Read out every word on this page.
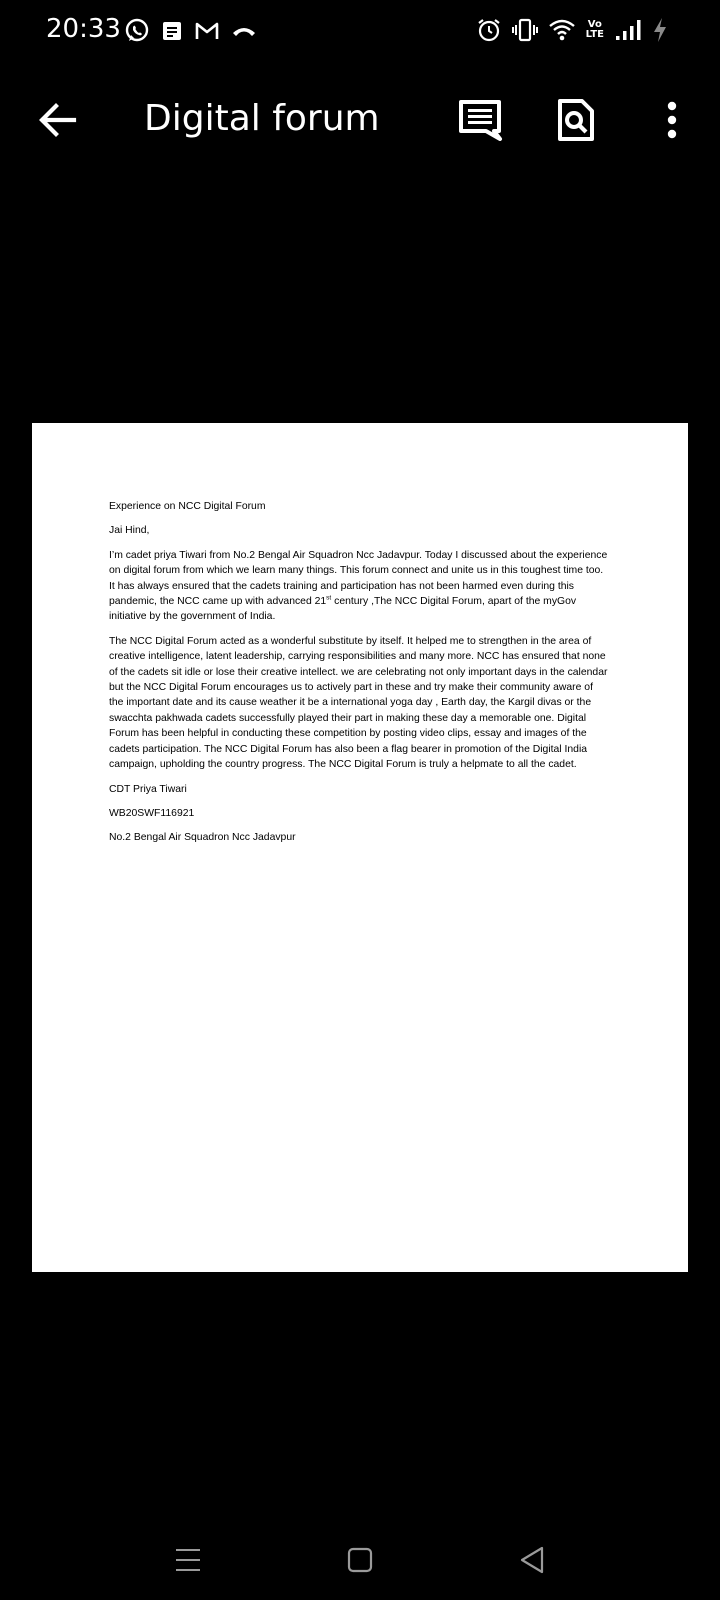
20:33	Vo
LTE
Digital forum

Experience on NCC Digital Forum

Jai Hind,

I’m cadet priya Tiwari from No.2 Bengal Air Squadron Ncc Jadavpur. Today I discussed about the experience on digital forum from which we learn many things. This forum connect and unite us in this toughest time too. It has always ensured that the cadets training and participation has not been harmed even during this pandemic, the NCC came up with advanced 21st century ,The NCC Digital Forum, apart of the myGov initiative by the government of India.

The NCC Digital Forum acted as a wonderful substitute by itself. It helped me to strengthen in the area of creative intelligence, latent leadership, carrying responsibilities and many more. NCC has ensured that none of the cadets sit idle or lose their creative intellect. we are celebrating not only important days in the calendar but the NCC Digital Forum encourages us to actively part in these and try make their community aware of the important date and its cause weather it be a international yoga day , Earth day, the Kargil divas or the swacchta pakhwada cadets successfully played their part in making these day a memorable one. Digital Forum has been helpful in conducting these competition by posting video clips, essay and images of the cadets participation. The NCC Digital Forum has also been a flag bearer in promotion of the Digital India campaign, upholding the country progress. The NCC Digital Forum is truly a helpmate to all the cadet.

CDT Priya Tiwari

WB20SWF116921

No.2 Bengal Air Squadron Ncc Jadavpur
